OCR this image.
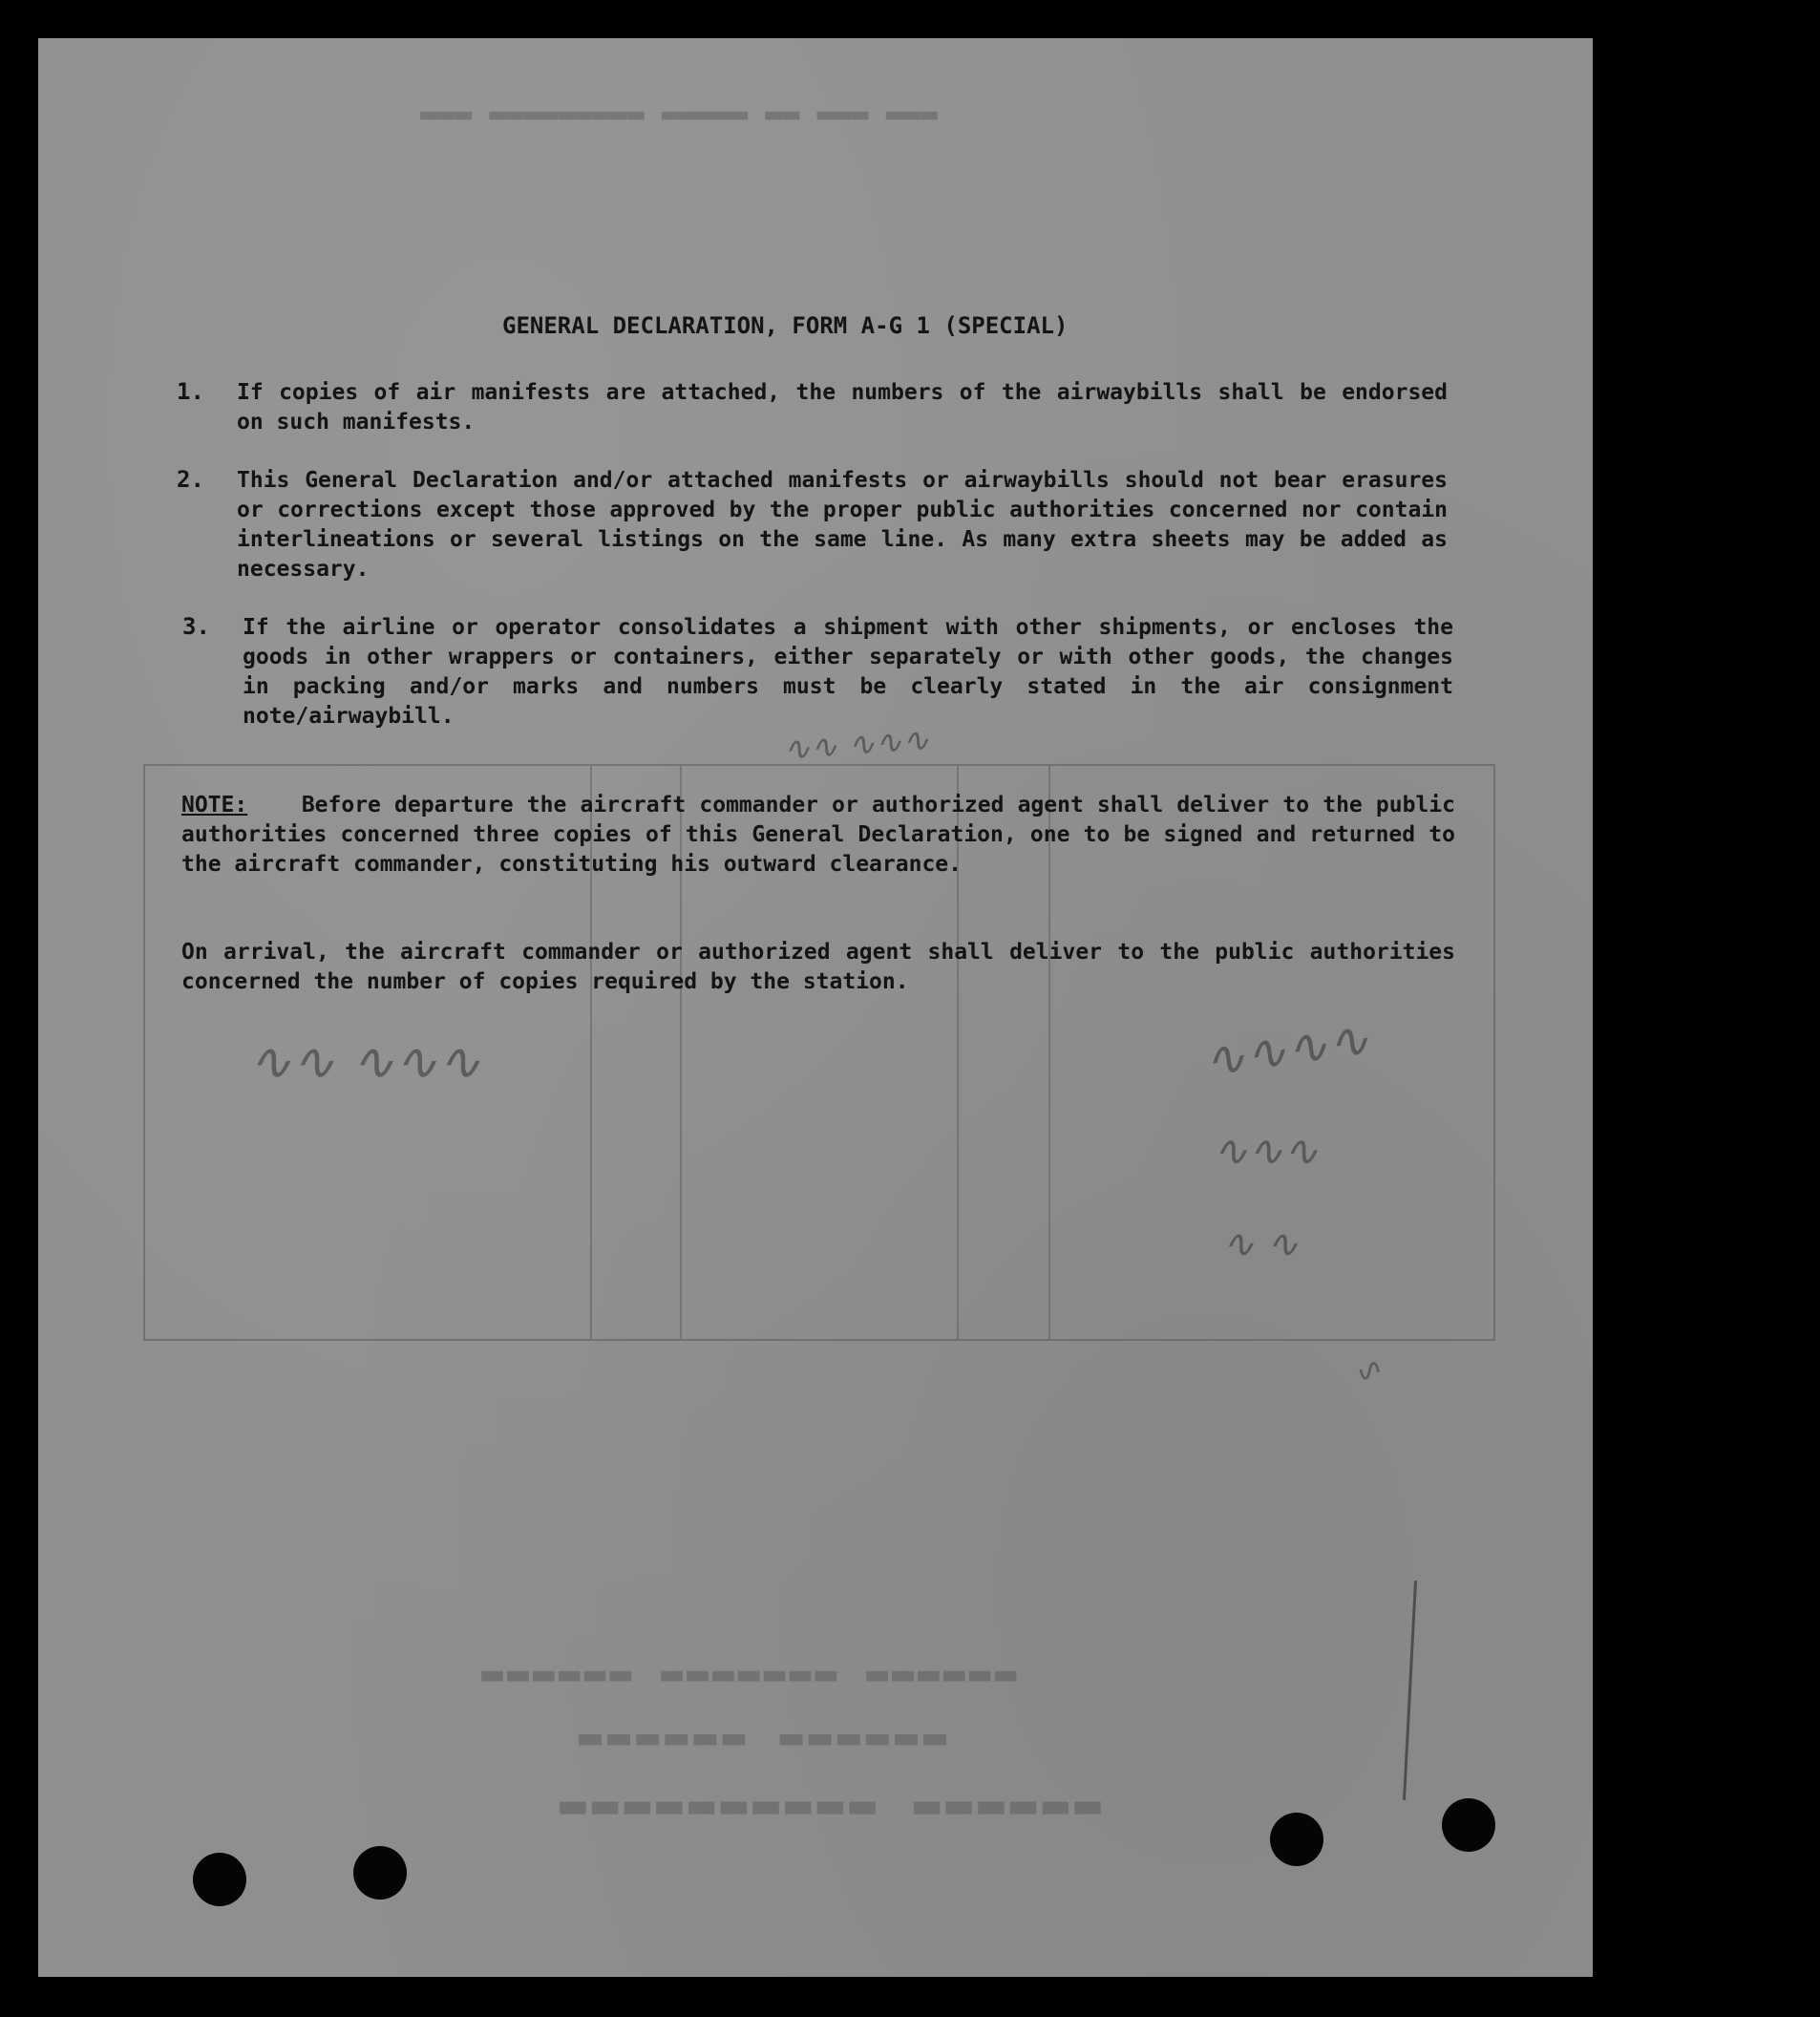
▬▬▬ ▬▬▬ ▬▬ ▬▬▬▬▬ ▬▬▬▬▬▬▬▬▬ ▬▬▬
▬▬▬▬▬▬ ▬▬▬▬▬▬▬ ▬▬▬▬▬▬
▬▬▬▬▬▬ ▬▬▬▬▬▬
▬▬▬▬▬▬ ▬▬▬▬▬▬▬▬▬▬
GENERAL DECLARATION, FORM A-G 1 (SPECIAL)
1. If copies of air manifests are attached, the numbers of the airwaybills shall be endorsed on such manifests.
2. This General Declaration and/or attached manifests or airwaybills should not bear erasures or corrections except those approved by the proper public authorities concerned nor contain interlineations or several listings on the same line. As many extra sheets may be added as necessary.
3. If the airline or operator consolidates a shipment with other shipments, or encloses the goods in other wrappers or containers, either separately or with other goods, the changes in packing and/or marks and numbers must be clearly stated in the air consignment note/airwaybill.
NOTE: Before departure the aircraft commander or authorized agent shall deliver to the public authorities concerned three copies of this General Declaration, one to be signed and returned to the aircraft commander, constituting his outward clearance.
On arrival, the aircraft commander or authorized agent shall deliver to the public authorities concerned the number of copies required by the station.
∿∿ ∿∿∿
∿∿ ∿∿∿	∿∿∿∿
∿∿∿
∿ ∿
∿
